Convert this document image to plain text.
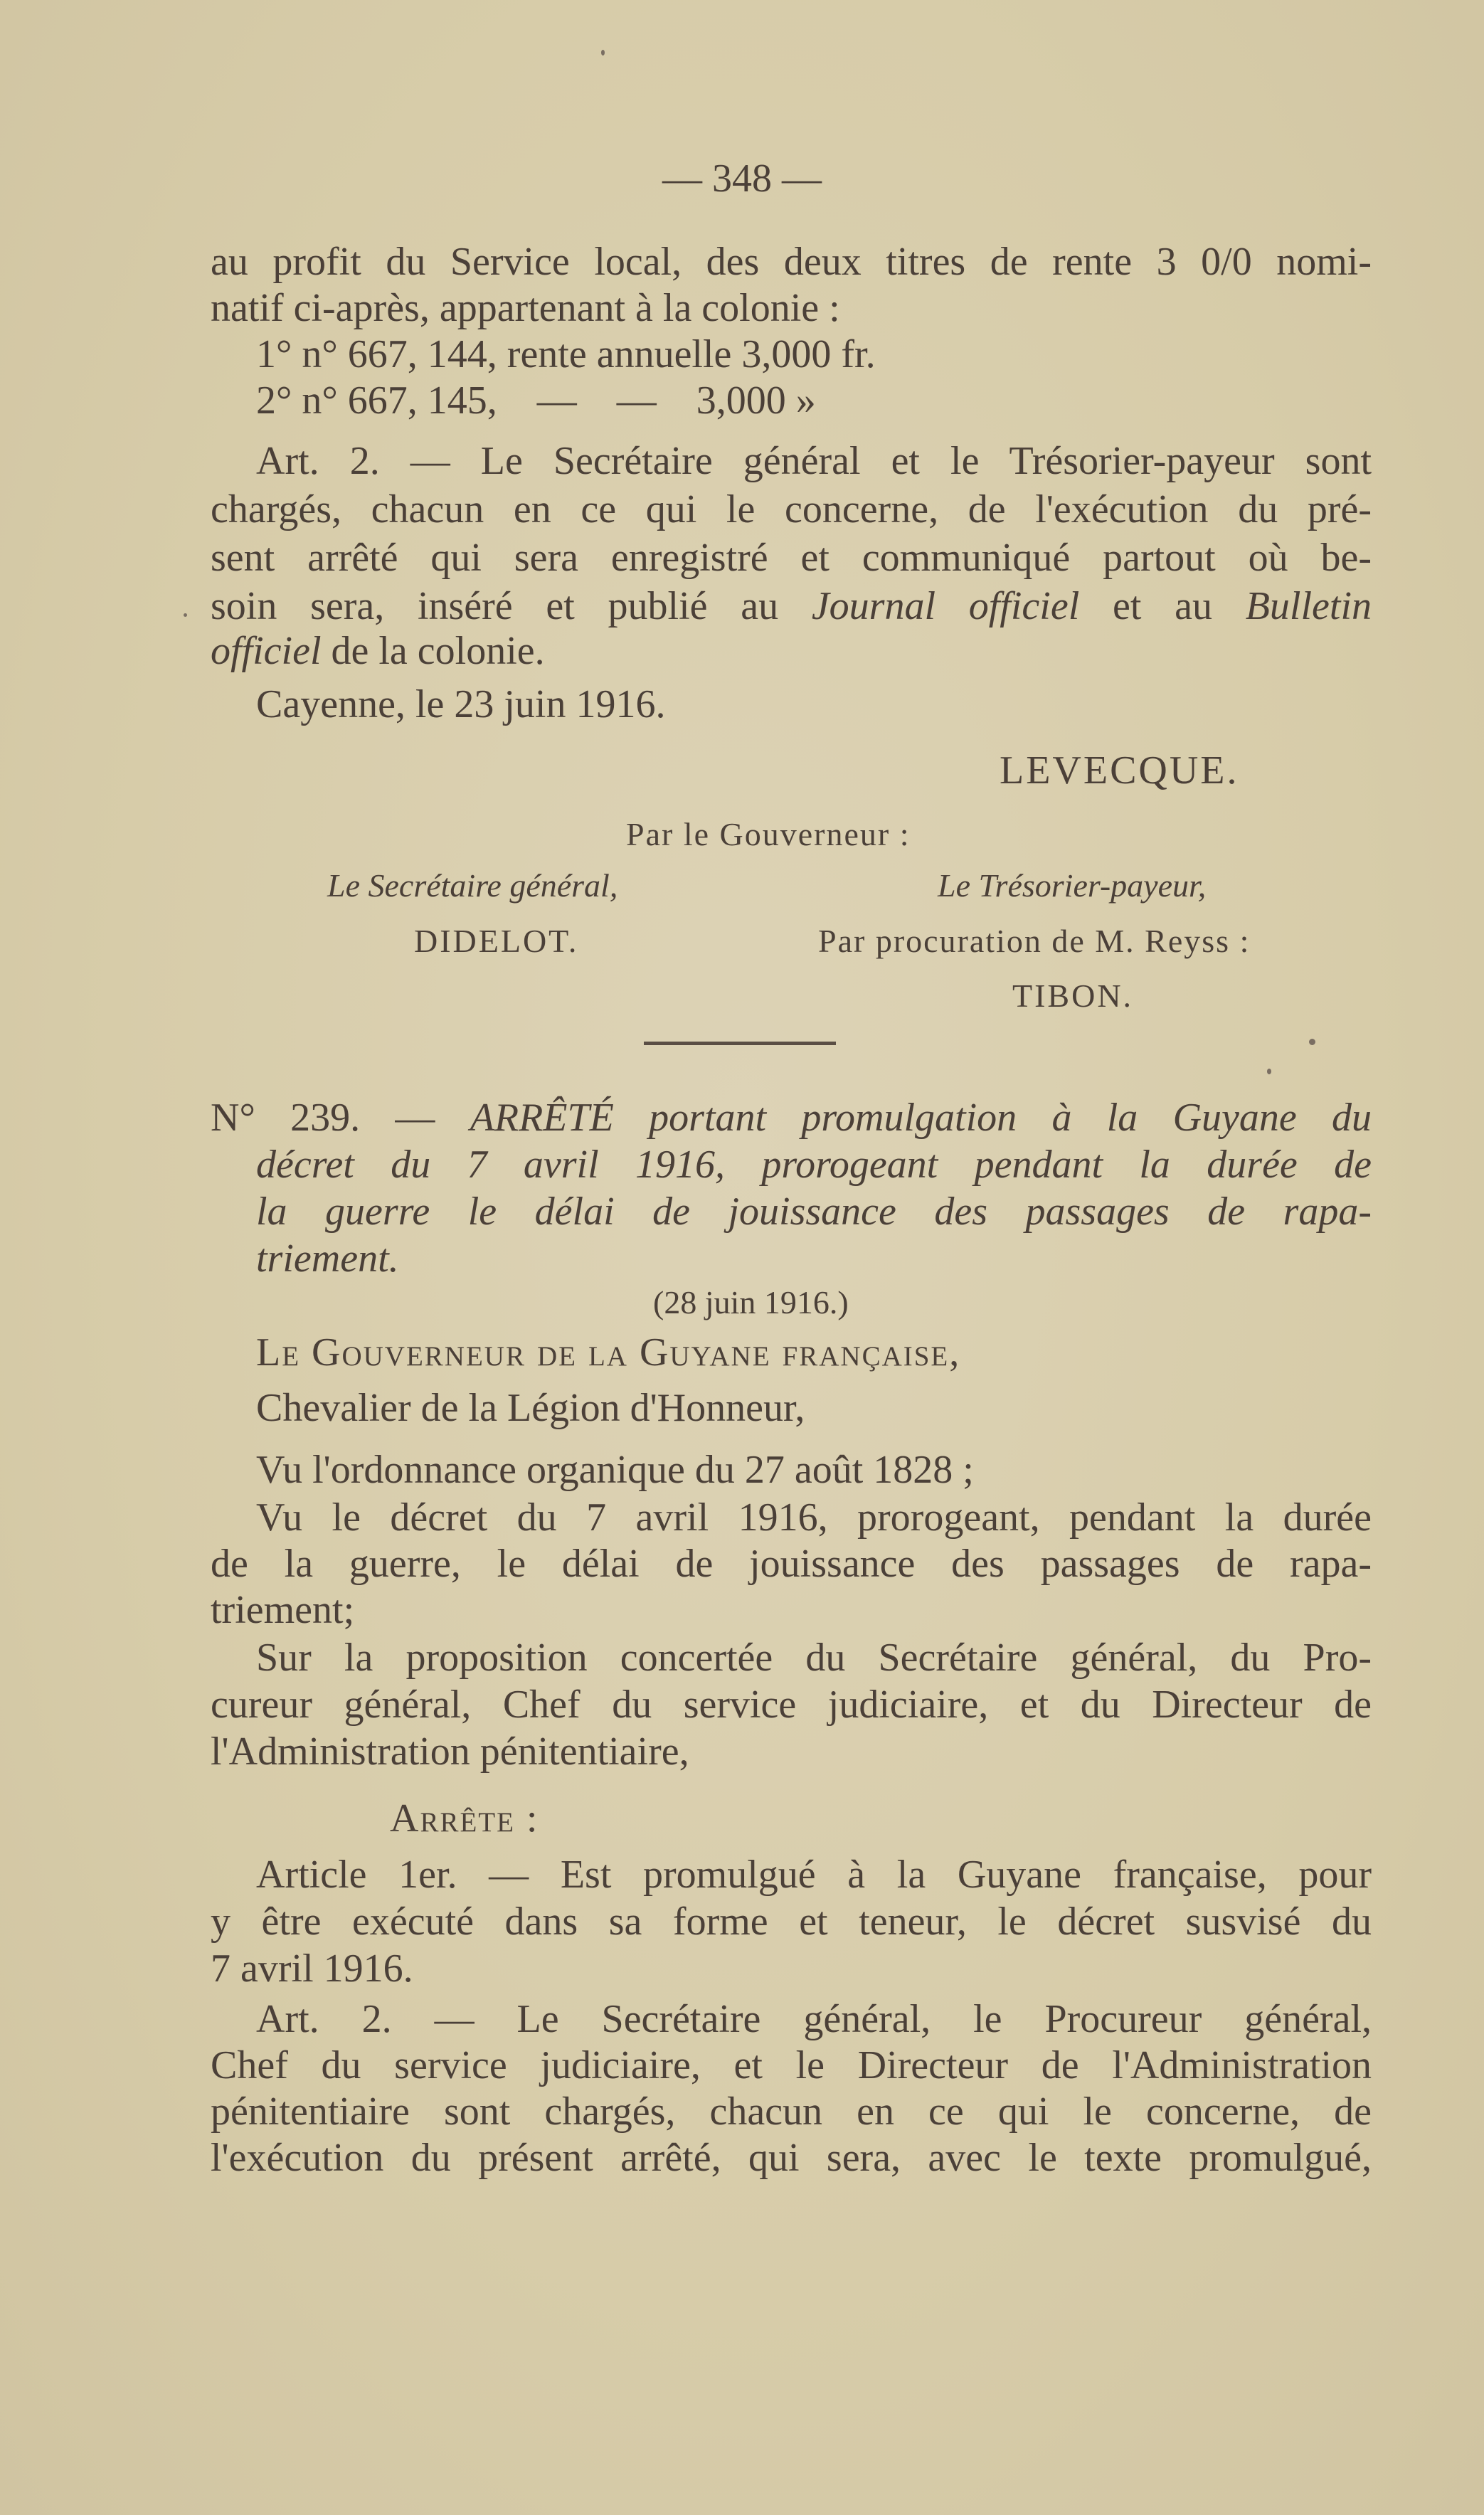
— 348 —
au profit du Service local, des deux titres de rente 3 0/0 nomi-
natif ci-après, appartenant à la colonie :
1° n° 667, 144, rente annuelle 3,000 fr.
2° n° 667, 145,    —    —    3,000 »
Art. 2. — Le Secrétaire général et le Trésorier-payeur sont
chargés, chacun en ce qui le concerne, de l'exécution du pré-
sent arrêté qui sera enregistré et communiqué partout où be-
soin sera, inséré et publié au Journal officiel et au Bulletin
officiel de la colonie.
Cayenne, le 23 juin 1916.
LEVECQUE.
Par le Gouverneur :
Le Secrétaire général,	Le Trésorier-payeur,
DIDELOT.	Par procuration de M. Reyss :
TIBON.
N° 239. — ARRÊTÉ portant promulgation à la Guyane du
décret du 7 avril 1916, prorogeant pendant la durée de
la guerre le délai de jouissance des passages de rapa-
triement.
(28 juin 1916.)
Le Gouverneur de la Guyane française,
Chevalier de la Légion d'Honneur,
Vu l'ordonnance organique du 27 août 1828 ;
Vu le décret du 7 avril 1916, prorogeant, pendant la durée
de la guerre, le délai de jouissance des passages de rapa-
triement;
Sur la proposition concertée du Secrétaire général, du Pro-
cureur général, Chef du service judiciaire, et du Directeur de
l'Administration pénitentiaire,
Arrête :
Article 1er. — Est promulgué à la Guyane française, pour
y être exécuté dans sa forme et teneur, le décret susvisé du
7 avril 1916.
Art. 2. — Le Secrétaire général, le Procureur général,
Chef du service judiciaire, et le Directeur de l'Administration
pénitentiaire sont chargés, chacun en ce qui le concerne, de
l'exécution du présent arrêté, qui sera, avec le texte promulgué,
